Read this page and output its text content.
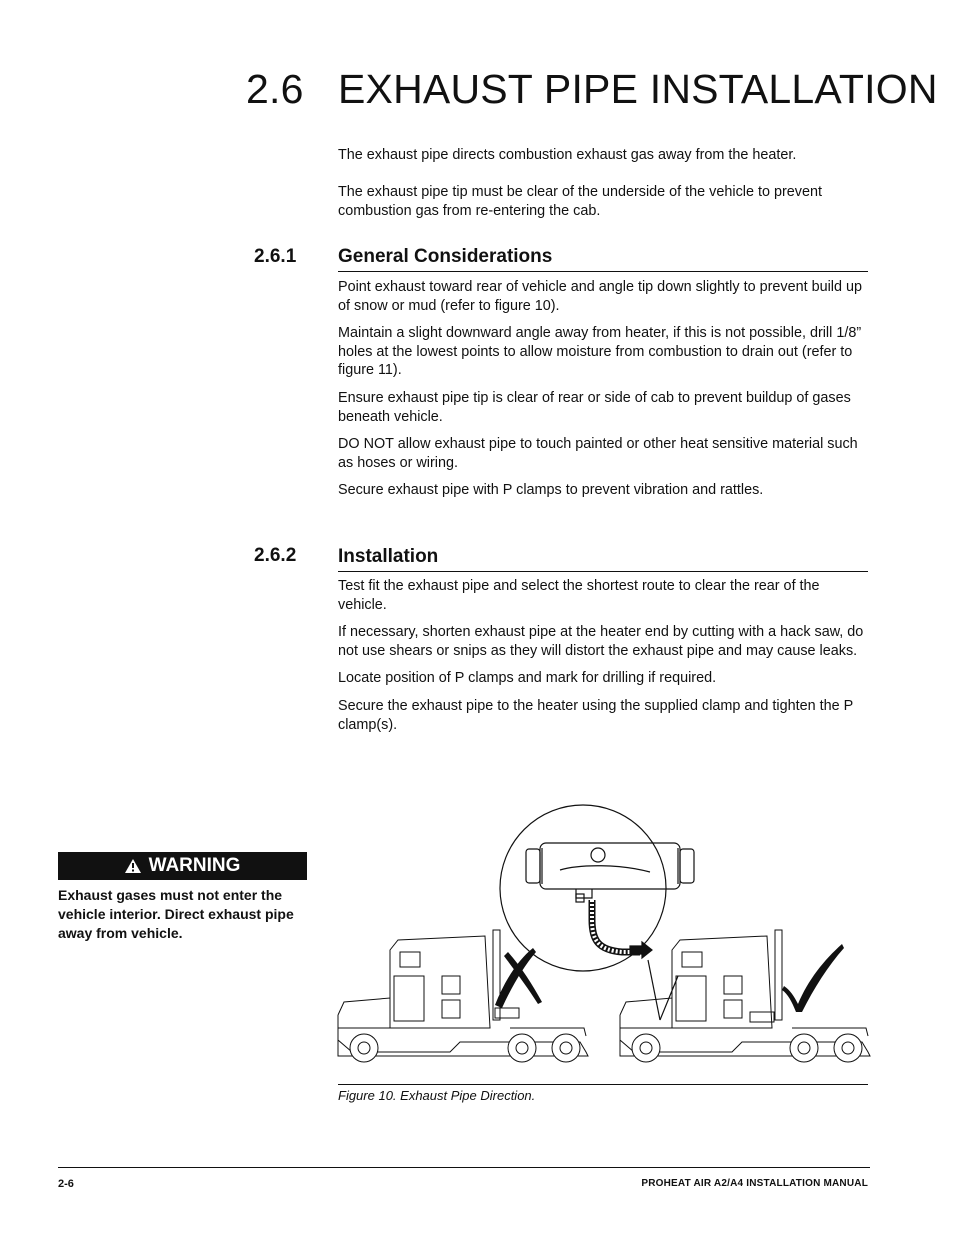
2.6 EXHAUST PIPE INSTALLATION
The exhaust pipe directs combustion exhaust gas away from the heater.
The exhaust pipe tip must be clear of the underside of the vehicle to prevent combustion gas from re-entering the cab.
2.6.1 General Considerations

Point exhaust toward rear of vehicle and angle tip down slightly to prevent build up of snow or mud (refer to figure 10).

Maintain a slight downward angle away from heater, if this is not possible, drill 1/8” holes at the lowest points to allow moisture from combustion to drain out (refer to figure 11).

Ensure exhaust pipe tip is clear of rear or side of cab to prevent buildup of gases beneath vehicle.

DO NOT allow exhaust pipe to touch painted or other heat sensitive material such as hoses or wiring.

Secure exhaust pipe with P clamps to prevent vibration and rattles.

2.6.2 Installation

Test fit the exhaust pipe and select the shortest route to clear the rear of the vehicle.

If necessary, shorten exhaust pipe at the heater end by cutting with a hack saw, do not use shears or snips as they will distort the exhaust pipe and may cause leaks.

Locate position of P clamps and mark for drilling if required.

Secure the exhaust pipe to the heater using the supplied clamp and tighten the P clamp(s).

WARNING
Exhaust gases must not enter the vehicle interior. Direct exhaust pipe away from vehicle.
Figure 10. Exhaust Pipe Direction.
2-6	PROHEAT AIR A2/A4 INSTALLATION MANUAL
